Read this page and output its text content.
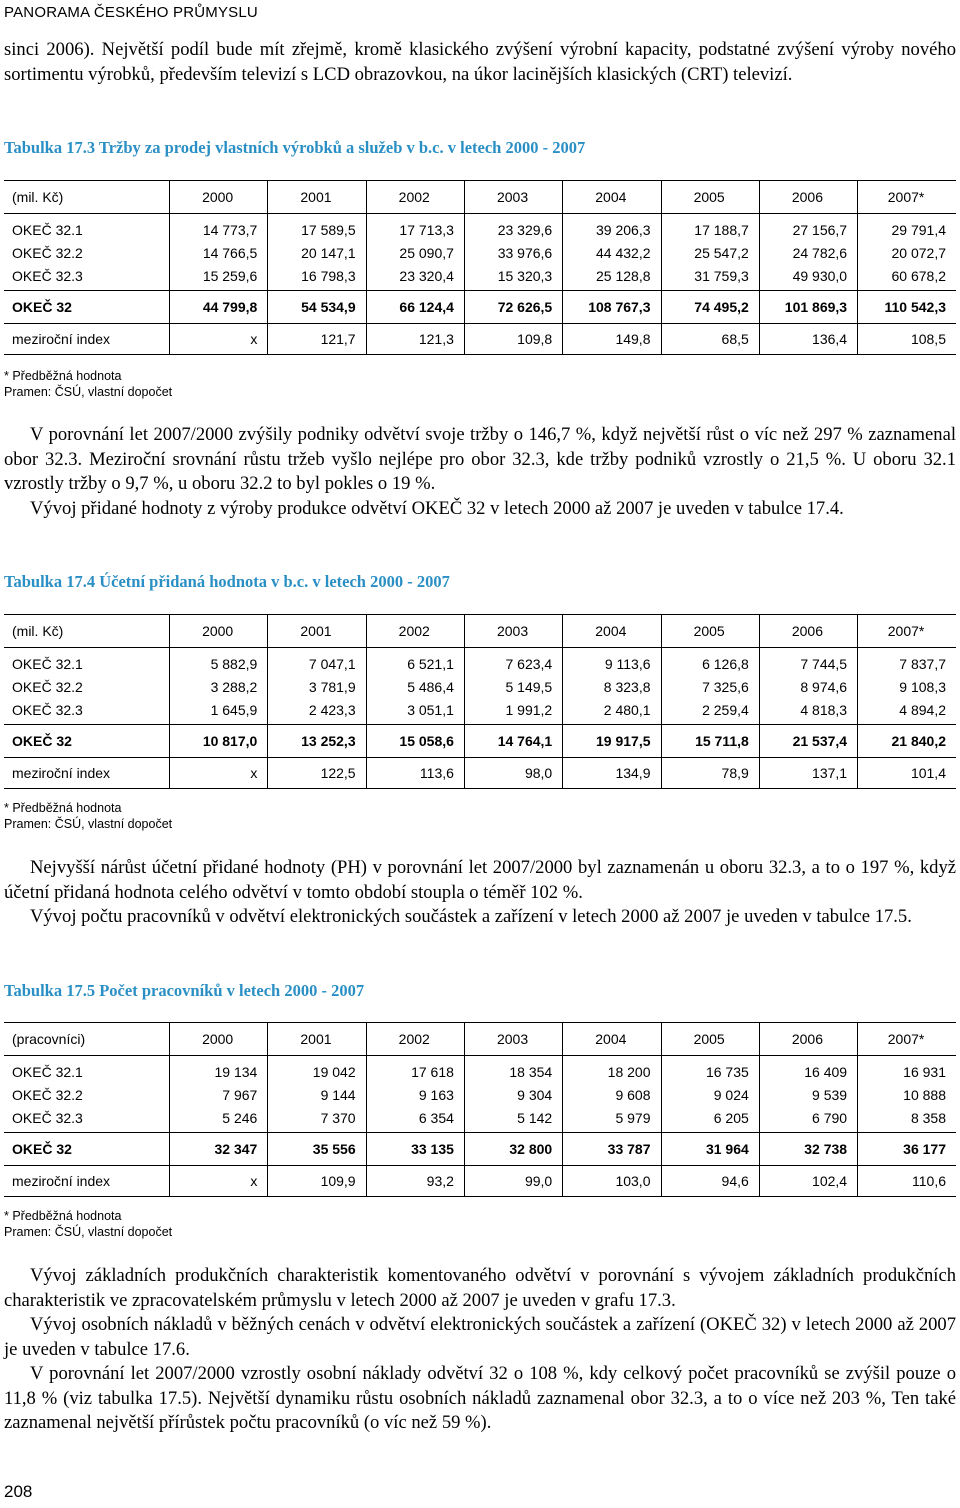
PANORAMA ČESKÉHO PRŮMYSLU

sinci 2006). Největší podíl bude mít zřejmě, kromě klasického zvýšení výrobní kapacity, podstatné zvýšení výroby nového sortimentu výrobků, především televizí s LCD obrazovkou, na úkor lacinějších klasických (CRT) televizí.

Tabulka 17.3 Tržby za prodej vlastních výrobků a služeb v b.c. v letech 2000 - 2007
(mil. Kč)	2000	2001	2002	2003	2004	2005	2006	2007*

OKEČ 32.1	14 773,7	17 589,5	17 713,3	23 329,6	39 206,3	17 188,7	27 156,7	29 791,4
OKEČ 32.2	14 766,5	20 147,1	25 090,7	33 976,6	44 432,2	25 547,2	24 782,6	20 072,7
OKEČ 32.3	15 259,6	16 798,3	23 320,4	15 320,3	25 128,8	31 759,3	49 930,0	60 678,2

OKEČ 32	44 799,8	54 534,9	66 124,4	72 626,5	108 767,3	74 495,2	101 869,3	110 542,3
meziroční index	x	121,7	121,3	109,8	149,8	68,5	136,4	108,5
* Předběžná hodnota
Pramen: ČSÚ, vlastní dopočet
V porovnání let 2007/2000 zvýšily podniky odvětví svoje tržby o 146,7 %, když největší růst o víc než 297 % zaznamenal obor 32.3. Meziroční srovnání růstu tržeb vyšlo nejlépe pro obor 32.3, kde tržby podniků vzrostly o 21,5 %. U oboru 32.1 vzrostly tržby o 9,7 %, u oboru 32.2 to byl pokles o 19 %.
Vývoj přidané hodnoty z výroby produkce odvětví OKEČ 32 v letech 2000 až 2007 je uveden v tabulce 17.4.
Tabulka 17.4 Účetní přidaná hodnota v b.c. v letech 2000 - 2007
(mil. Kč)	2000	2001	2002	2003	2004	2005	2006	2007*

OKEČ 32.1	5 882,9	7 047,1	6 521,1	7 623,4	9 113,6	6 126,8	7 744,5	7 837,7
OKEČ 32.2	3 288,2	3 781,9	5 486,4	5 149,5	8 323,8	7 325,6	8 974,6	9 108,3
OKEČ 32.3	1 645,9	2 423,3	3 051,1	1 991,2	2 480,1	2 259,4	4 818,3	4 894,2

OKEČ 32	10 817,0	13 252,3	15 058,6	14 764,1	19 917,5	15 711,8	21 537,4	21 840,2
meziroční index	x	122,5	113,6	98,0	134,9	78,9	137,1	101,4
* Předběžná hodnota
Pramen: ČSÚ, vlastní dopočet
Nejvyšší nárůst účetní přidané hodnoty (PH) v porovnání let 2007/2000 byl zaznamenán u oboru 32.3, a to o 197 %, když účetní přidaná hodnota celého odvětví v tomto období stoupla o téměř 102 %.
Vývoj počtu pracovníků v odvětví elektronických součástek a zařízení v letech 2000 až 2007 je uveden v tabulce 17.5.
Tabulka 17.5 Počet pracovníků v letech 2000 - 2007
(pracovníci)	2000	2001	2002	2003	2004	2005	2006	2007*

OKEČ 32.1	19 134	19 042	17 618	18 354	18 200	16 735	16 409	16 931
OKEČ 32.2	7 967	9 144	9 163	9 304	9 608	9 024	9 539	10 888
OKEČ 32.3	5 246	7 370	6 354	5 142	5 979	6 205	6 790	8 358

OKEČ 32	32 347	35 556	33 135	32 800	33 787	31 964	32 738	36 177
meziroční index	x	109,9	93,2	99,0	103,0	94,6	102,4	110,6
* Předběžná hodnota
Pramen: ČSÚ, vlastní dopočet
Vývoj základních produkčních charakteristik komentovaného odvětví v porovnání s vývojem základních produkčních charakteristik ve zpracovatelském průmyslu v letech 2000 až 2007 je uveden v grafu 17.3.
Vývoj osobních nákladů v běžných cenách v odvětví elektronických součástek a zařízení (OKEČ 32) v letech 2000 až 2007 je uveden v tabulce 17.6.
V porovnání let 2007/2000 vzrostly osobní náklady odvětví 32 o 108 %, kdy celkový počet pracovníků se zvýšil pouze o 11,8 % (viz tabulka 17.5). Největší dynamiku růstu osobních nákladů zaznamenal obor 32.3, a to o více než 203 %, Ten také zaznamenal největší přírůstek počtu pracovníků (o víc než 59 %).
208
